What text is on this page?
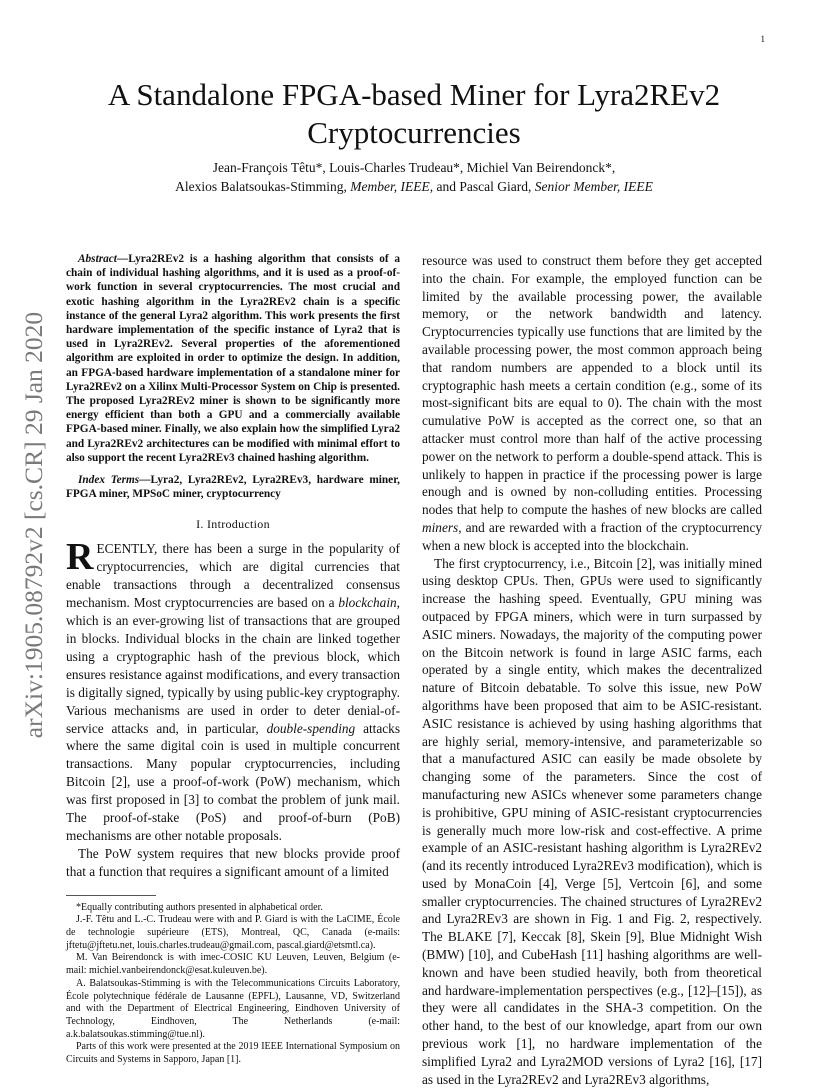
1
arXiv:1905.08792v2 [cs.CR] 29 Jan 2020
A Standalone FPGA-based Miner for Lyra2REv2
Cryptocurrencies
Jean-François Têtu*, Louis-Charles Trudeau*, Michiel Van Beirendonck*,
Alexios Balatsoukas-Stimming, Member, IEEE, and Pascal Giard, Senior Member, IEEE

Abstract—Lyra2REv2 is a hashing algorithm that consists of a chain of individual hashing algorithms, and it is used as a proof-of-work function in several cryptocurrencies. The most crucial and exotic hashing algorithm in the Lyra2REv2 chain is a specific instance of the general Lyra2 algorithm. This work presents the first hardware implementation of the specific instance of Lyra2 that is used in Lyra2REv2. Several properties of the aforementioned algorithm are exploited in order to optimize the design. In addition, an FPGA-based hardware implementation of a standalone miner for Lyra2REv2 on a Xilinx Multi-Processor System on Chip is presented. The proposed Lyra2REv2 miner is shown to be significantly more energy efficient than both a GPU and a commercially available FPGA-based miner. Finally, we also explain how the simplified Lyra2 and Lyra2REv2 architectures can be modified with minimal effort to also support the recent Lyra2REv3 chained hashing algorithm.

Index Terms—Lyra2, Lyra2REv2, Lyra2REv3, hardware miner, FPGA miner, MPSoC miner, cryptocurrency

I. Introduction

RECENTLY, there has been a surge in the popularity of cryptocurrencies, which are digital currencies that enable transactions through a decentralized consensus mechanism. Most cryptocurrencies are based on a blockchain, which is an ever-growing list of transactions that are grouped in blocks. Individual blocks in the chain are linked together using a cryptographic hash of the previous block, which ensures resistance against modifications, and every transaction is digitally signed, typically by using public-key cryptography. Various mechanisms are used in order to deter denial-of-service attacks and, in particular, double-spending attacks where the same digital coin is used in multiple concurrent transactions. Many popular cryptocurrencies, including Bitcoin [2], use a proof-of-work (PoW) mechanism, which was first proposed in [3] to combat the problem of junk mail. The proof-of-stake (PoS) and proof-of-burn (PoB) mechanisms are other notable proposals.

The PoW system requires that new blocks provide proof that a function that requires a significant amount of a limited

*Equally contributing authors presented in alphabetical order.

J.-F. Têtu and L.-C. Trudeau were with and P. Giard is with the LaCIME, École de technologie supérieure (ETS), Montreal, QC, Canada (e-mails: jftetu@jftetu.net, louis.charles.trudeau@gmail.com, pascal.giard@etsmtl.ca).

M. Van Beirendonck is with imec-COSIC KU Leuven, Leuven, Belgium (e-mail: michiel.vanbeirendonck@esat.kuleuven.be).

A. Balatsoukas-Stimming is with the Telecommunications Circuits Laboratory, École polytechnique fédérale de Lausanne (EPFL), Lausanne, VD, Switzerland and with the Department of Electrical Engineering, Eindhoven University of Technology, Eindhoven, The Netherlands (e-mail: a.k.balatsoukas.stimming@tue.nl).

Parts of this work were presented at the 2019 IEEE International Symposium on Circuits and Systems in Sapporo, Japan [1].

resource was used to construct them before they get accepted into the chain. For example, the employed function can be limited by the available processing power, the available memory, or the network bandwidth and latency. Cryptocurrencies typically use functions that are limited by the available processing power, the most common approach being that random numbers are appended to a block until its cryptographic hash meets a certain condition (e.g., some of its most-significant bits are equal to 0). The chain with the most cumulative PoW is accepted as the correct one, so that an attacker must control more than half of the active processing power on the network to perform a double-spend attack. This is unlikely to happen in practice if the processing power is large enough and is owned by non-colluding entities. Processing nodes that help to compute the hashes of new blocks are called miners, and are rewarded with a fraction of the cryptocurrency when a new block is accepted into the blockchain.

The first cryptocurrency, i.e., Bitcoin [2], was initially mined using desktop CPUs. Then, GPUs were used to significantly increase the hashing speed. Eventually, GPU mining was outpaced by FPGA miners, which were in turn surpassed by ASIC miners. Nowadays, the majority of the computing power on the Bitcoin network is found in large ASIC farms, each operated by a single entity, which makes the decentralized nature of Bitcoin debatable. To solve this issue, new PoW algorithms have been proposed that aim to be ASIC-resistant. ASIC resistance is achieved by using hashing algorithms that are highly serial, memory-intensive, and parameterizable so that a manufactured ASIC can easily be made obsolete by changing some of the parameters. Since the cost of manufacturing new ASICs whenever some parameters change is prohibitive, GPU mining of ASIC-resistant cryptocurrencies is generally much more low-risk and cost-effective. A prime example of an ASIC-resistant hashing algorithm is Lyra2REv2 (and its recently introduced Lyra2REv3 modification), which is used by MonaCoin [4], Verge [5], Vertcoin [6], and some smaller cryptocurrencies. The chained structures of Lyra2REv2 and Lyra2REv3 are shown in Fig. 1 and Fig. 2, respectively. The BLAKE [7], Keccak [8], Skein [9], Blue Midnight Wish (BMW) [10], and CubeHash [11] hashing algorithms are well-known and have been studied heavily, both from theoretical and hardware-implementation perspectives (e.g., [12]–[15]), as they were all candidates in the SHA-3 competition. On the other hand, to the best of our knowledge, apart from our own previous work [1], no hardware implementation of the simplified Lyra2 and Lyra2MOD versions of Lyra2 [16], [17] as used in the Lyra2REv2 and Lyra2REv3 algorithms,
